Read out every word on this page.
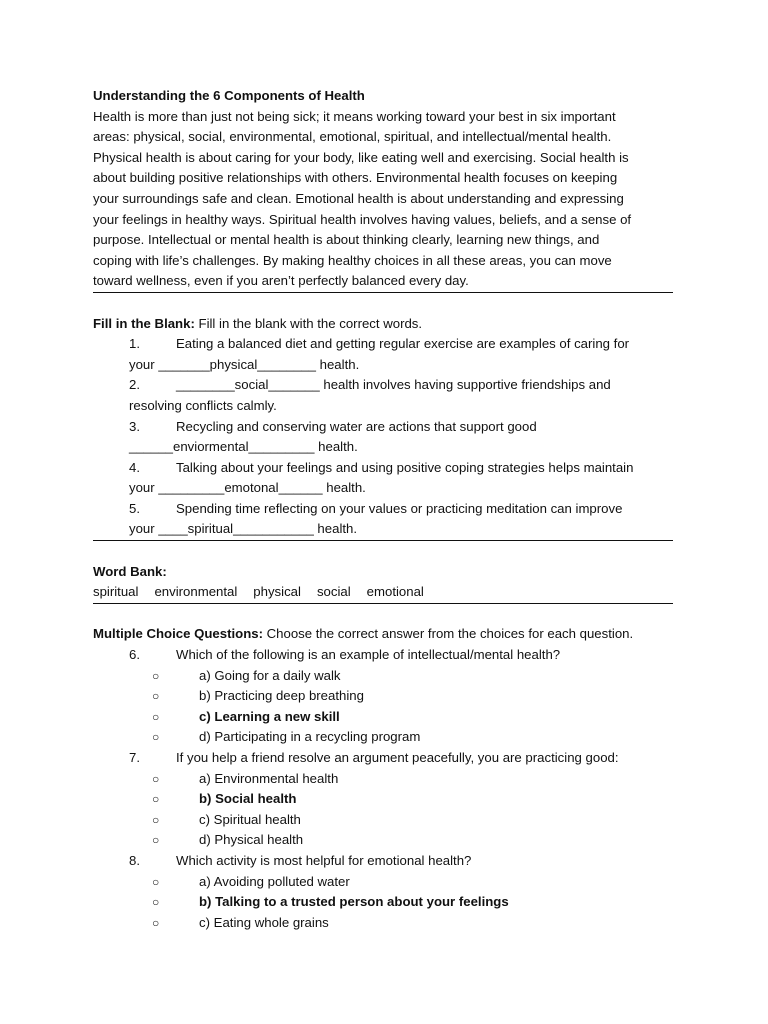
Understanding the 6 Components of Health
Health is more than just not being sick; it means working toward your best in six important
areas: physical, social, environmental, emotional, spiritual, and intellectual/mental health.
Physical health is about caring for your body, like eating well and exercising. Social health is
about building positive relationships with others. Environmental health focuses on keeping
your surroundings safe and clean. Emotional health is about understanding and expressing
your feelings in healthy ways. Spiritual health involves having values, beliefs, and a sense of
purpose. Intellectual or mental health is about thinking clearly, learning new things, and
coping with life’s challenges. By making healthy choices in all these areas, you can move
toward wellness, even if you aren’t perfectly balanced every day.
Fill in the Blank: Fill in the blank with the correct words.
1.	Eating a balanced diet and getting regular exercise are examples of caring for
your _______physical________ health.
2.	________social_______ health involves having supportive friendships and
resolving conflicts calmly.
3.	Recycling and conserving water are actions that support good
______enviormental_________ health.
4.	Talking about your feelings and using positive coping strategies helps maintain
your _________emotonal______ health.
5.	Spending time reflecting on your values or practicing meditation can improve
your ____spiritual___________ health.
Word Bank:
spiritual environmental physical social emotional
Multiple Choice Questions: Choose the correct answer from the choices for each question.
6.	Which of the following is an example of intellectual/mental health?
○	a) Going for a daily walk
○	b) Practicing deep breathing
○	c) Learning a new skill
○	d) Participating in a recycling program
7.	If you help a friend resolve an argument peacefully, you are practicing good:
○	a) Environmental health
○	b) Social health
○	c) Spiritual health
○	d) Physical health
8.	Which activity is most helpful for emotional health?
○	a) Avoiding polluted water
○	b) Talking to a trusted person about your feelings
○	c) Eating whole grains
